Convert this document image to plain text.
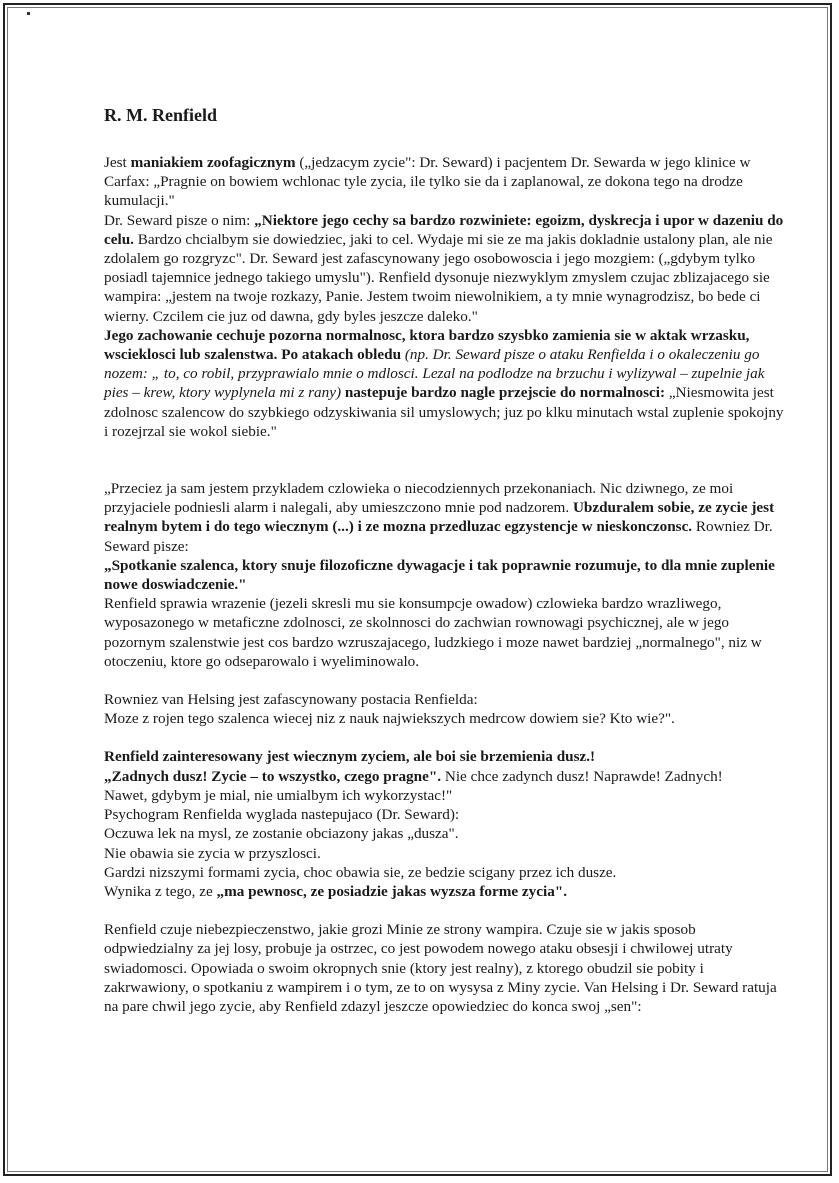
R. M. Renfield

Jest maniakiem zoofagicznym („jedzacym zycie": Dr. Seward) i pacjentem Dr. Sewarda w jego klinice w Carfax: „Pragnie on bowiem wchlonac tyle zycia, ile tylko sie da i zaplanowal, ze dokona tego na drodze kumulacji."

Dr. Seward pisze o nim: „Niektore jego cechy sa bardzo rozwiniete: egoizm, dyskrecja i upor w dazeniu do celu. Bardzo chcialbym sie dowiedziec, jaki to cel. Wydaje mi sie ze ma jakis dokladnie ustalony plan, ale nie zdolalem go rozgryzc". Dr. Seward jest zafascynowany jego osobowoscia i jego mozgiem: („gdybym tylko posiadl tajemnice jednego takiego umyslu"). Renfield dysonuje niezwyklym zmyslem czujac zblizajacego sie wampira: „jestem na twoje rozkazy, Panie. Jestem twoim niewolnikiem, a ty mnie wynagrodzisz, bo bede ci wierny. Czcilem cie juz od dawna, gdy byles jeszcze daleko."

Jego zachowanie cechuje pozorna normalnosc, ktora bardzo szysbko zamienia sie w aktak wrzasku, wscieklosci lub szalenstwa. Po atakach obledu (np. Dr. Seward pisze o ataku Renfielda i o okaleczeniu go nozem: „ to, co robil, przyprawialo mnie o mdlosci. Lezal na podlodze na brzuchu i wylizywal – zupelnie jak pies – krew, ktory wyplynela mi z rany) nastepuje bardzo nagle przejscie do normalnosci: „Niesmowita jest zdolnosc szalencow do szybkiego odzyskiwania sil umyslowych; juz po klku minutach wstal zuplenie spokojny i rozejrzal sie wokol siebie."

„Przeciez ja sam jestem przykladem czlowieka o niecodziennych przekonaniach. Nic dziwnego, ze moi przyjaciele podniesli alarm i nalegali, aby umieszczono mnie pod nadzorem. Ubzduralem sobie, ze zycie jest realnym bytem i do tego wiecznym (...) i ze mozna przedluzac egzystencje w nieskonczonsc. Rowniez Dr. Seward pisze:

„Spotkanie szalenca, ktory snuje filozoficzne dywagacje i tak poprawnie rozumuje, to dla mnie zuplenie nowe doswiadczenie."

Renfield sprawia wrazenie (jezeli skresli mu sie konsumpcje owadow) czlowieka bardzo wrazliwego, wyposazonego w metaficzne zdolnosci, ze skolnnosci do zachwian rownowagi psychicznej, ale w jego pozornym szalenstwie jest cos bardzo wzruszajacego, ludzkiego i moze nawet bardziej „normalnego", niz w otoczeniu, ktore go odseparowalo i wyeliminowalo.

Rowniez van Helsing jest zafascynowany postacia Renfielda:
Moze z rojen tego szalenca wiecej niz z nauk najwiekszych medrcow dowiem sie? Kto wie?".

Renfield zainteresowany jest wiecznym zyciem, ale boi sie brzemienia dusz.!
„Zadnych dusz! Zycie – to wszystko, czego pragne". Nie chce zadynch dusz! Naprawde! Zadnych!
Nawet, gdybym je mial, nie umialbym ich wykorzystac!"
Psychogram Renfielda wyglada nastepujaco (Dr. Seward):
Oczuwa lek na mysl, ze zostanie obciazony jakas „dusza".
Nie obawia sie zycia w przyszlosci.
Gardzi nizszymi formami zycia, choc obawia sie, ze bedzie scigany przez ich dusze.
Wynika z tego, ze „ma pewnosc, ze posiadzie jakas wyzsza forme zycia".

Renfield czuje niebezpieczenstwo, jakie grozi Minie ze strony wampira. Czuje sie w jakis sposob odpwiedzialny za jej losy, probuje ja ostrzec, co jest powodem nowego ataku obsesji i chwilowej utraty swiadomosci. Opowiada o swoim okropnych snie (ktory jest realny), z ktorego obudzil sie pobity i zakrwawiony, o spotkaniu z wampirem i o tym, ze to on wysysa z Miny zycie. Van Helsing i Dr. Seward ratuja na pare chwil jego zycie, aby Renfield zdazyl jeszcze opowiedziec do konca swoj „sen":
